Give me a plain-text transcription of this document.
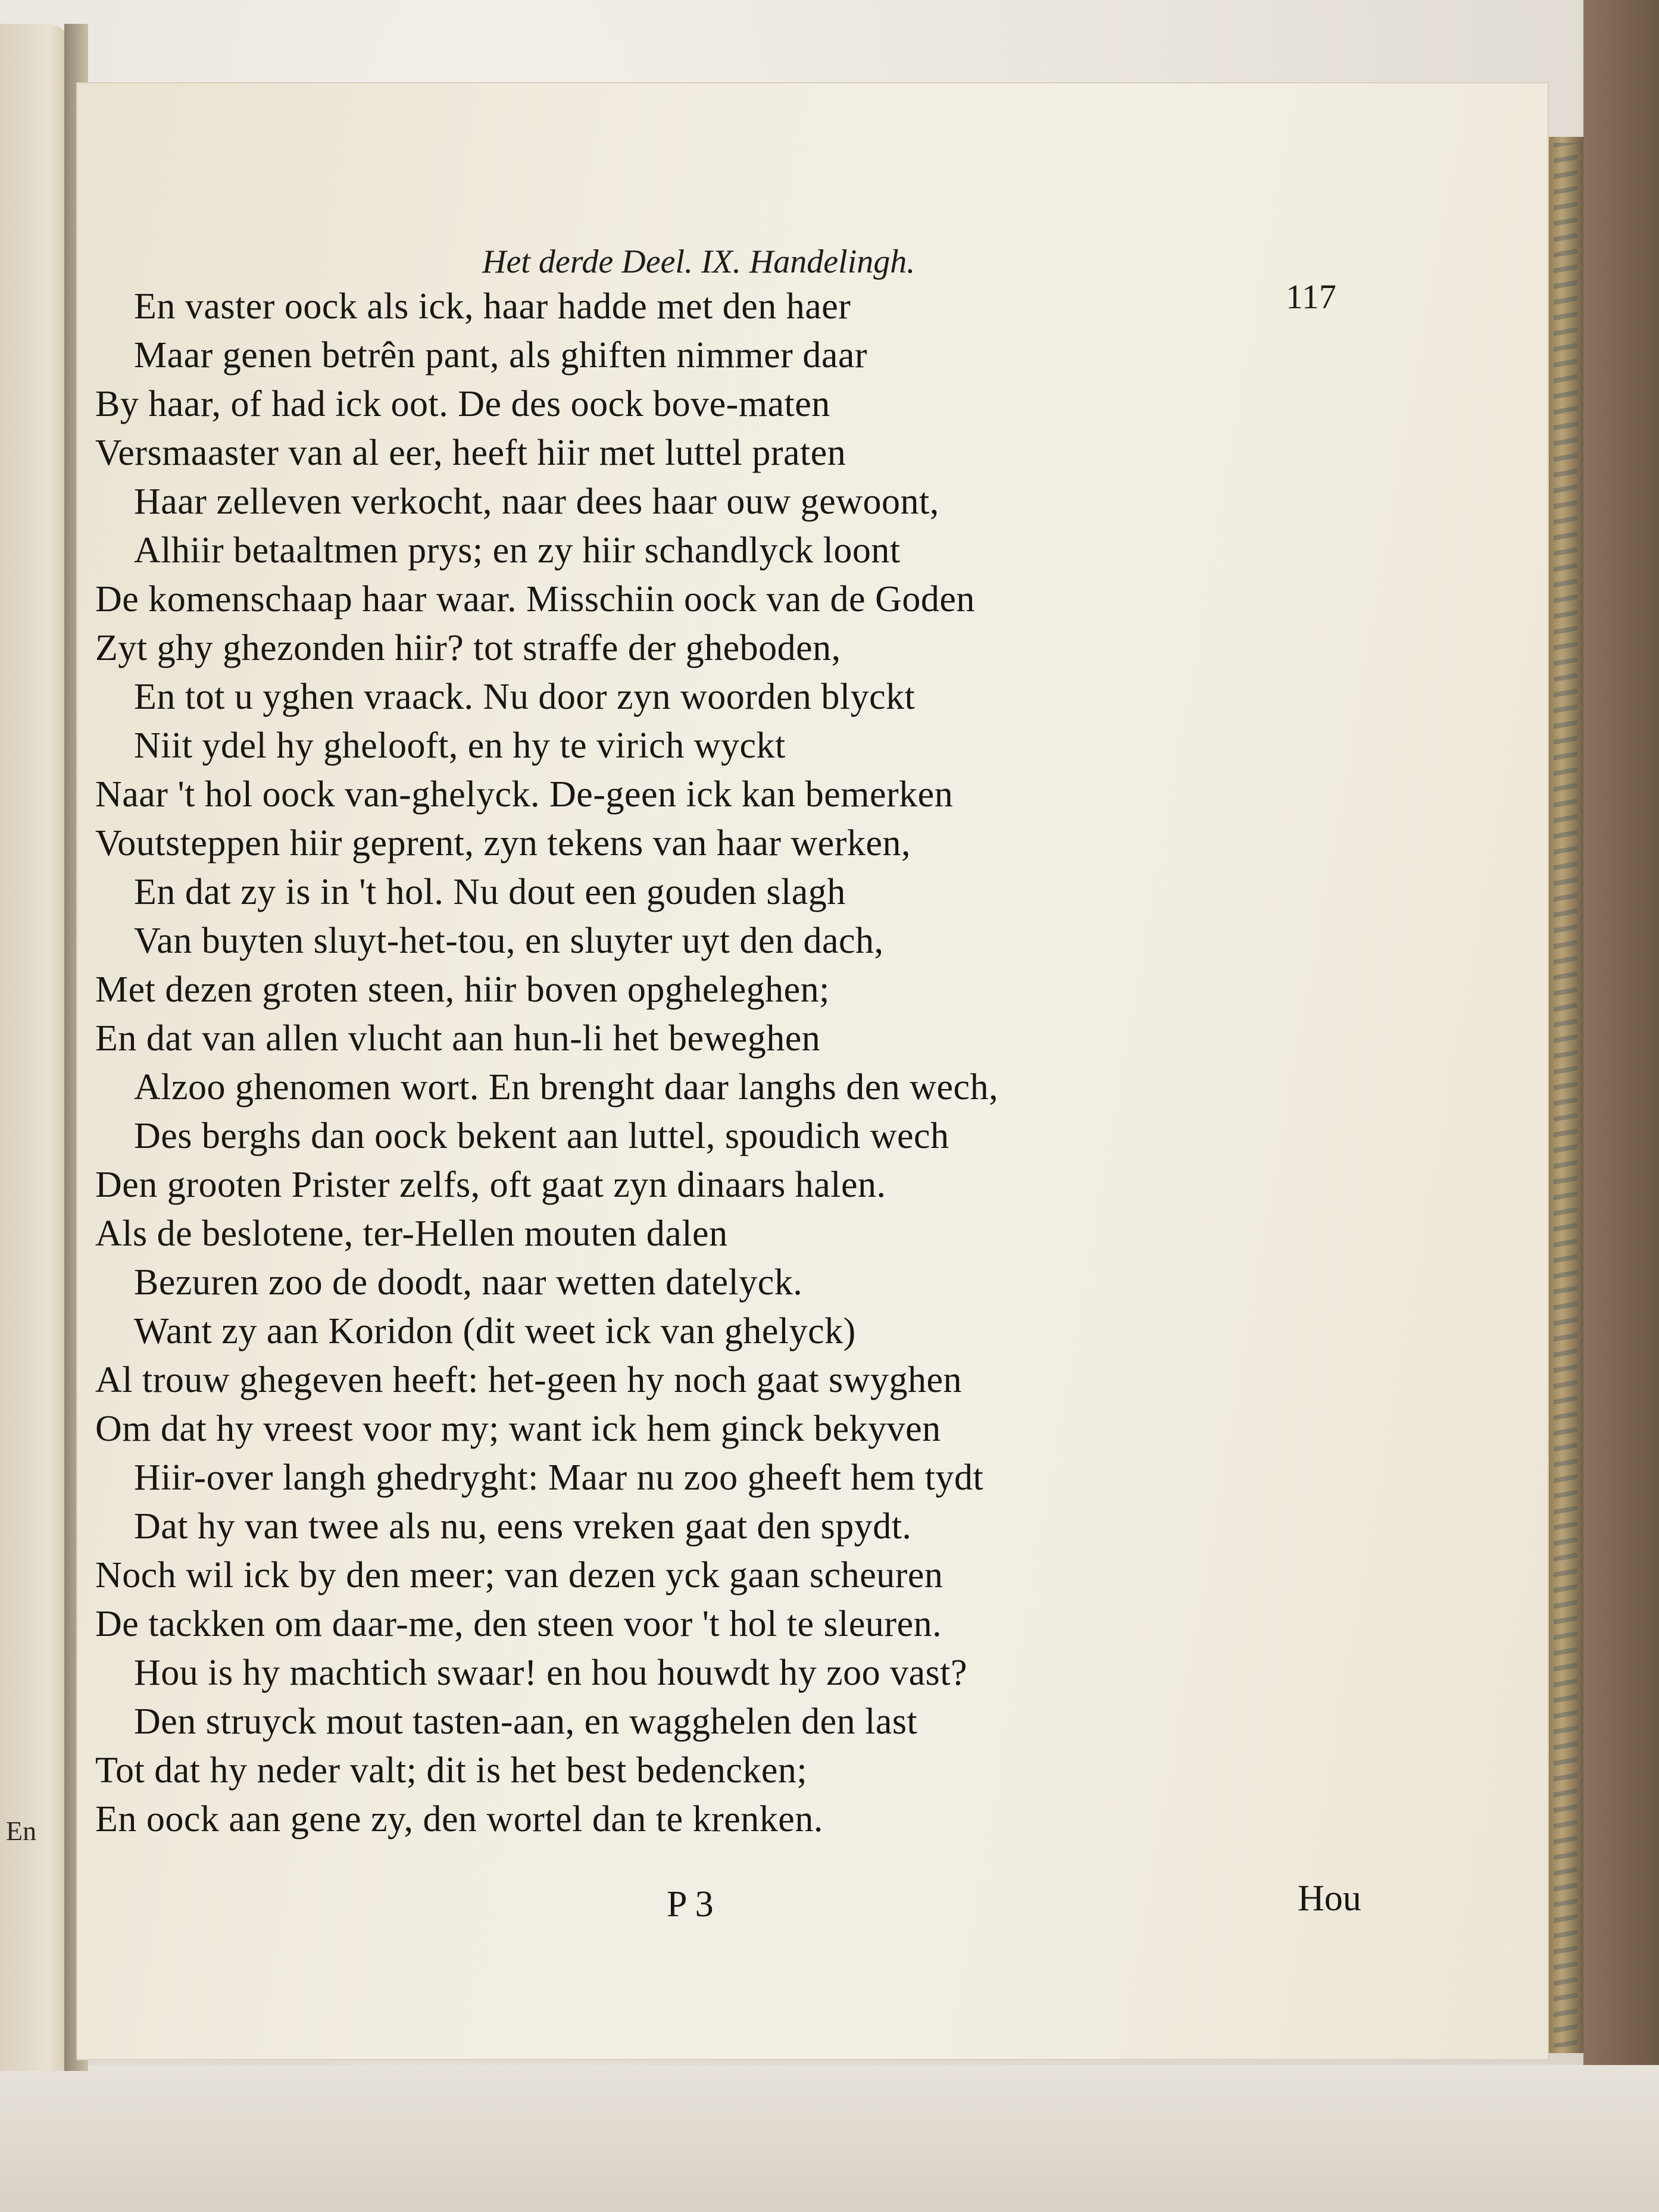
En
Het derde Deel. IX. Handelingh.
117
En vaster oock als ick, haar hadde met den haer
Maar genen betrên pant, als ghiften nimmer daar
By haar, of had ick oot. De des oock bove-maten
Versmaaster van al eer, heeft hiir met luttel praten
Haar zelleven verkocht, naar dees haar ouw gewoont,
Alhiir betaaltmen prys; en zy hiir schandlyck loont
De komenschaap haar waar. Misschiin oock van de Goden
Zyt ghy ghezonden hiir? tot straffe der gheboden,
En tot u yghen vraack. Nu door zyn woorden blyckt
Niit ydel hy ghelooft, en hy te virich wyckt
Naar 't hol oock van-ghelyck. De-geen ick kan bemerken
Voutsteppen hiir geprent, zyn tekens van haar werken,
En dat zy is in 't hol. Nu dout een gouden slagh
Van buyten sluyt-het-tou, en sluyter uyt den dach,
Met dezen groten steen, hiir boven opgheleghen;
En dat van allen vlucht aan hun-li het beweghen
Alzoo ghenomen wort. En brenght daar langhs den wech,
Des berghs dan oock bekent aan luttel, spoudich wech
Den grooten Prister zelfs, oft gaat zyn dinaars halen.
Als de beslotene, ter-Hellen mouten dalen
Bezuren zoo de doodt, naar wetten datelyck.
Want zy aan Koridon (dit weet ick van ghelyck)
Al trouw ghegeven heeft: het-geen hy noch gaat swyghen
Om dat hy vreest voor my; want ick hem ginck bekyven
Hiir-over langh ghedryght: Maar nu zoo gheeft hem tydt
Dat hy van twee als nu, eens vreken gaat den spydt.
Noch wil ick by den meer; van dezen yck gaan scheuren
De tackken om daar-me, den steen voor 't hol te sleuren.
Hou is hy machtich swaar! en hou houwdt hy zoo vast?
Den struyck mout tasten-aan, en wagghelen den last
Tot dat hy neder valt; dit is het best bedencken;
En oock aan gene zy, den wortel dan te krenken.
P 3	Hou
